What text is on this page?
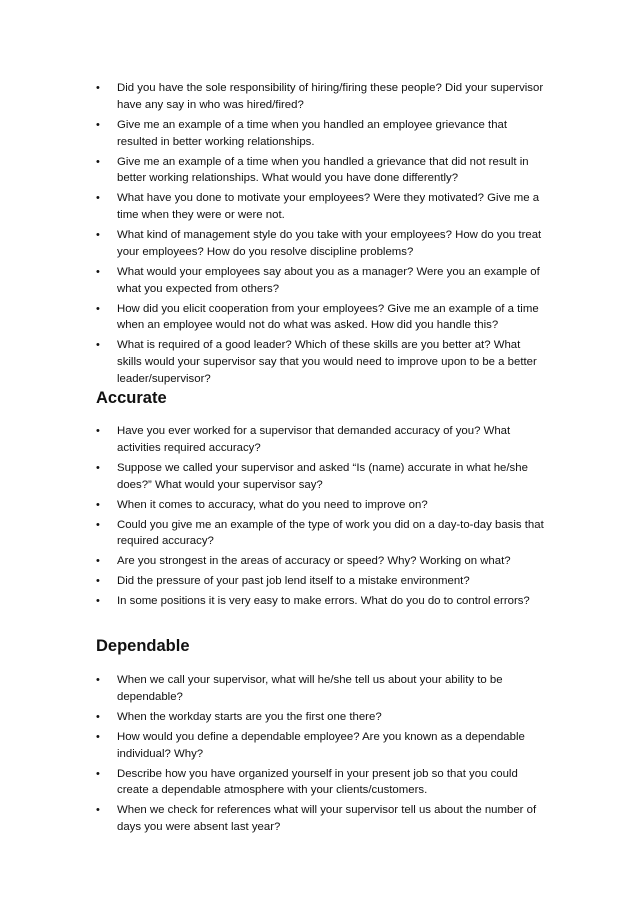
• Did you have the sole responsibility of hiring/firing these people? Did your supervisor have any say in who was hired/fired?
• Give me an example of a time when you handled an employee grievance that resulted in better working relationships.
• Give me an example of a time when you handled a grievance that did not result in better working relationships. What would you have done differently?
• What have you done to motivate your employees? Were they motivated? Give me a time when they were or were not.
• What kind of management style do you take with your employees? How do you treat your employees? How do you resolve discipline problems?
• What would your employees say about you as a manager? Were you an example of what you expected from others?
• How did you elicit cooperation from your employees? Give me an example of a time when an employee would not do what was asked. How did you handle this?
• What is required of a good leader? Which of these skills are you better at? What skills would your supervisor say that you would need to improve upon to be a better leader/supervisor?
Accurate
• Have you ever worked for a supervisor that demanded accuracy of you? What activities required accuracy?
• Suppose we called your supervisor and asked “Is (name) accurate in what he/she does?” What would your supervisor say?
• When it comes to accuracy, what do you need to improve on?
• Could you give me an example of the type of work you did on a day-to-day basis that required accuracy?
• Are you strongest in the areas of accuracy or speed? Why? Working on what?
• Did the pressure of your past job lend itself to a mistake environment?
• In some positions it is very easy to make errors. What do you do to control errors?
Dependable
• When we call your supervisor, what will he/she tell us about your ability to be dependable?
• When the workday starts are you the first one there?
• How would you define a dependable employee? Are you known as a dependable individual? Why?
• Describe how you have organized yourself in your present job so that you could create a dependable atmosphere with your clients/customers.
• When we check for references what will your supervisor tell us about the number of days you were absent last year?
